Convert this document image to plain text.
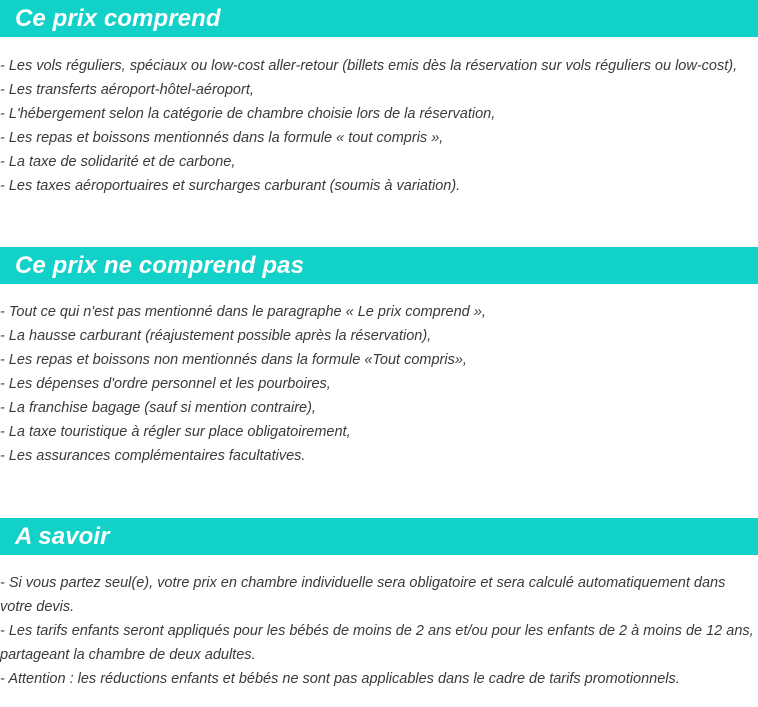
Ce prix comprend
- Les vols réguliers, spéciaux ou low-cost aller-retour (billets emis dès la réservation sur vols réguliers ou low-cost),
- Les transferts aéroport-hôtel-aéroport,
- L'hébergement selon la catégorie de chambre choisie lors de la réservation,
- Les repas et boissons mentionnés dans la formule « tout compris »,
- La taxe de solidarité et de carbone,
- Les taxes aéroportuaires et surcharges carburant (soumis à variation).
Ce prix ne comprend pas
- Tout ce qui n'est pas mentionné dans le paragraphe « Le prix comprend »,
- La hausse carburant (réajustement possible après la réservation),
- Les repas et boissons non mentionnés dans la formule «Tout compris»,
- Les dépenses d'ordre personnel et les pourboires,
- La franchise bagage (sauf si mention contraire),
- La taxe touristique à régler sur place obligatoirement,
- Les assurances complémentaires facultatives.
A savoir
- Si vous partez seul(e), votre prix en chambre individuelle sera obligatoire et sera calculé automatiquement dans votre devis.
- Les tarifs enfants seront appliqués pour les bébés de moins de 2 ans et/ou pour les enfants de 2 à moins de 12 ans, partageant la chambre de deux adultes.
- Attention : les réductions enfants et bébés ne sont pas applicables dans le cadre de tarifs promotionnels.
